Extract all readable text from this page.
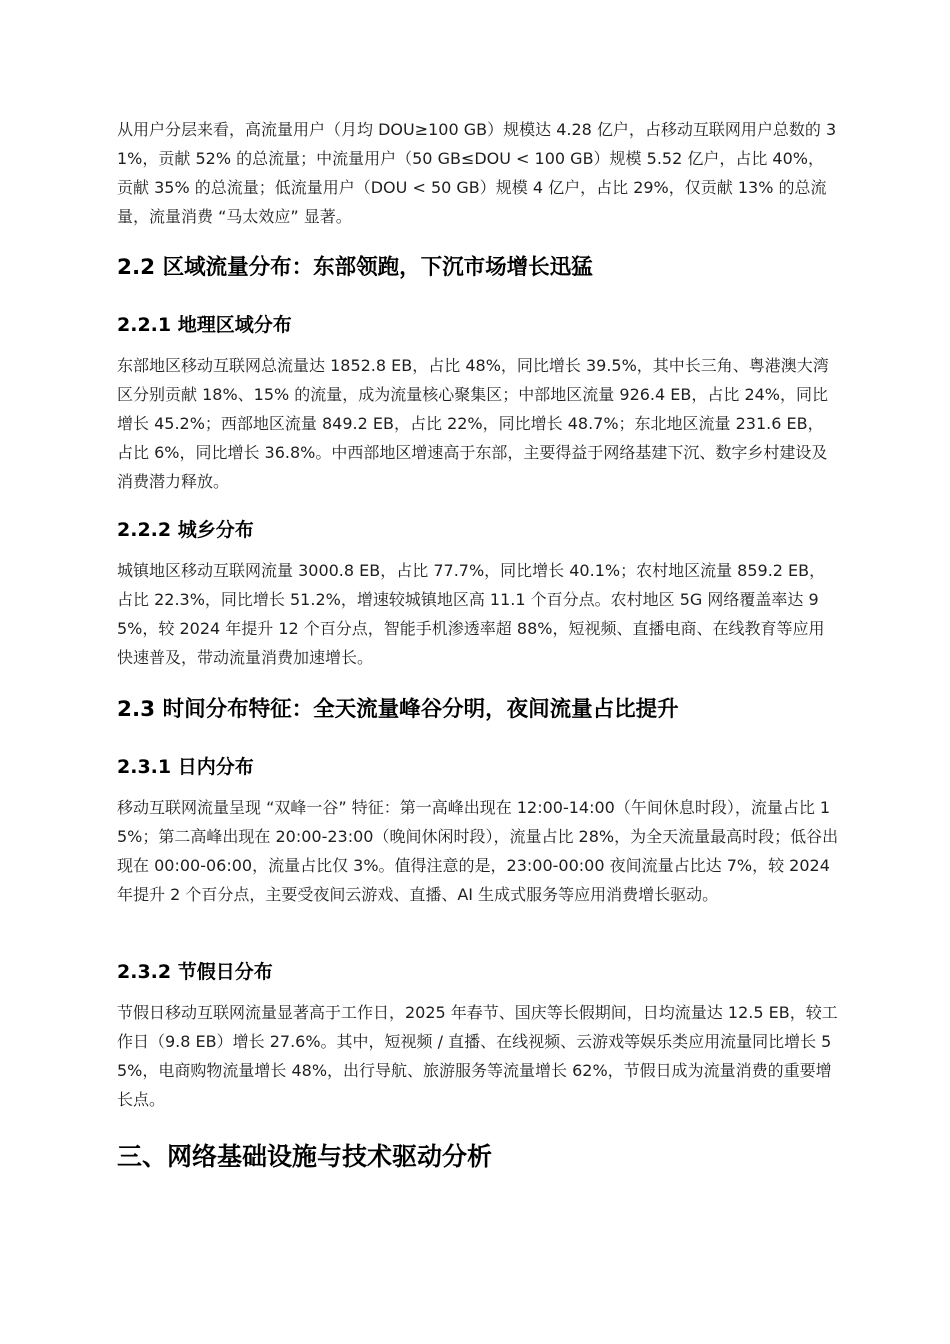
从用户分层来看，高流量用户（月均 DOU≥100 GB）规模达 4.28 亿户，占移动互联网用户总数的 31%，贡献 52% 的总流量；中流量用户（50 GB≤DOU < 100 GB）规模 5.52 亿户，占比 40%，贡献 35% 的总流量；低流量用户（DOU < 50 GB）规模 4 亿户，占比 29%，仅贡献 13% 的总流量，流量消费 “马太效应” 显著。

2.2 区域流量分布：东部领跑，下沉市场增长迅猛
2.2.1 地理区域分布

东部地区移动互联网总流量达 1852.8 EB，占比 48%，同比增长 39.5%，其中长三角、粤港澳大湾区分别贡献 18%、15% 的流量，成为流量核心聚集区；中部地区流量 926.4 EB，占比 24%，同比增长 45.2%；西部地区流量 849.2 EB，占比 22%，同比增长 48.7%；东北地区流量 231.6 EB，占比 6%，同比增长 36.8%。中西部地区增速高于东部，主要得益于网络基建下沉、数字乡村建设及消费潜力释放。

2.2.2 城乡分布

城镇地区移动互联网流量 3000.8 EB，占比 77.7%，同比增长 40.1%；农村地区流量 859.2 EB，占比 22.3%，同比增长 51.2%，增速较城镇地区高 11.1 个百分点。农村地区 5G 网络覆盖率达 95%，较 2024 年提升 12 个百分点，智能手机渗透率超 88%，短视频、直播电商、在线教育等应用快速普及，带动流量消费加速增长。

2.3 时间分布特征：全天流量峰谷分明，夜间流量占比提升
2.3.1 日内分布

移动互联网流量呈现 “双峰一谷” 特征：第一高峰出现在 12:00-14:00（午间休息时段），流量占比 15%；第二高峰出现在 20:00-23:00（晚间休闲时段），流量占比 28%，为全天流量最高时段；低谷出现在 00:00-06:00，流量占比仅 3%。值得注意的是，23:00-00:00 夜间流量占比达 7%，较 2024 年提升 2 个百分点，主要受夜间云游戏、直播、AI 生成式服务等应用消费增长驱动。

2.3.2 节假日分布

节假日移动互联网流量显著高于工作日，2025 年春节、国庆等长假期间，日均流量达 12.5 EB，较工作日（9.8 EB）增长 27.6%。其中，短视频 / 直播、在线视频、云游戏等娱乐类应用流量同比增长 55%，电商购物流量增长 48%，出行导航、旅游服务等流量增长 62%，节假日成为流量消费的重要增长点。

三、网络基础设施与技术驱动分析
